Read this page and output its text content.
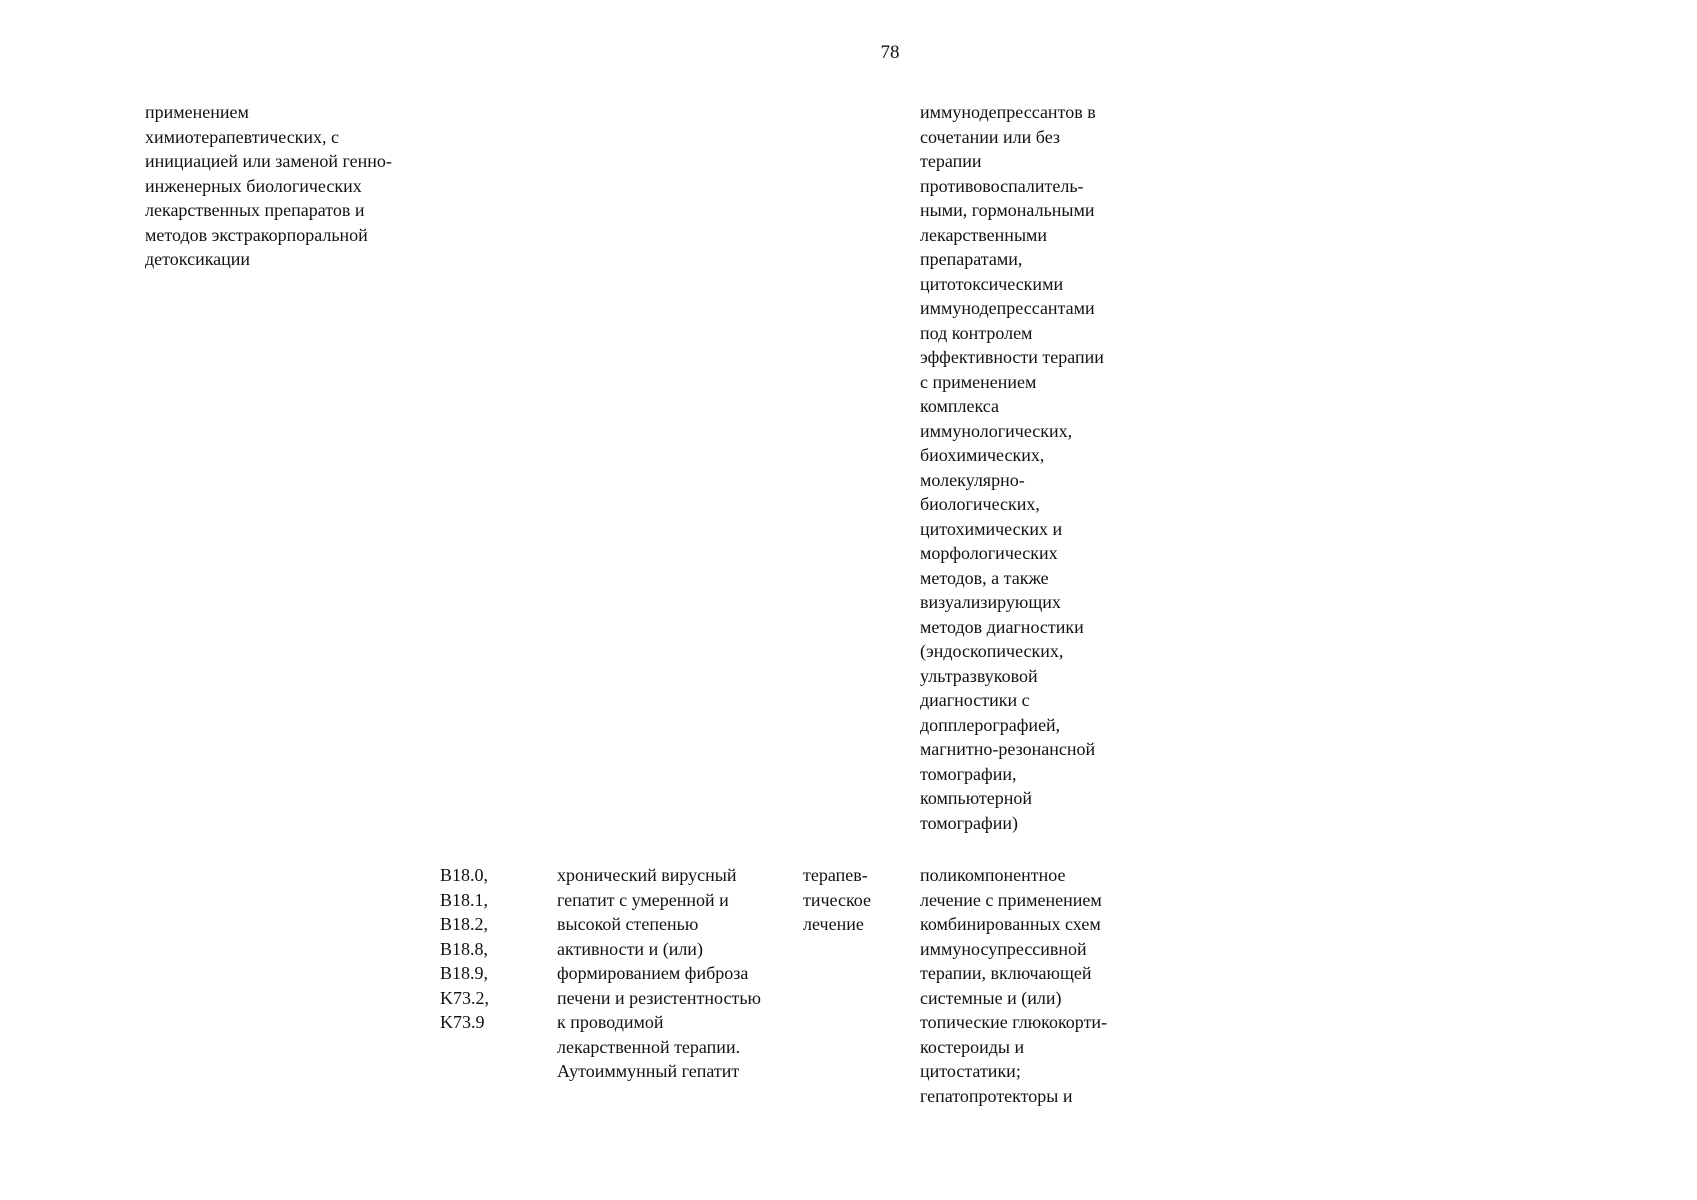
78
применением
химиотерапевтических, с
инициацией или заменой генно-
инженерных биологических
лекарственных препаратов и
методов экстракорпоральной
детоксикации
иммунодепрессантов в
сочетании или без
терапии
противовоспалитель-
ными, гормональными
лекарственными
препаратами,
цитотоксическими
иммунодепрессантами
под контролем
эффективности терапии
с применением
комплекса
иммунологических,
биохимических,
молекулярно-
биологических,
цитохимических и
морфологических
методов, а также
визуализирующих
методов диагностики
(эндоскопических,
ультразвуковой
диагностики с
допплерографией,
магнитно-резонансной
томографии,
компьютерной
томографии)
B18.0,
B18.1,
B18.2,
B18.8,
B18.9,
K73.2,
K73.9
хронический вирусный
гепатит с умеренной и
высокой степенью
активности и (или)
формированием фиброза
печени и резистентностью
к проводимой
лекарственной терапии.
Аутоиммунный гепатит
терапев-
тическое
лечение
поликомпонентное
лечение с применением
комбинированных схем
иммуносупрессивной
терапии, включающей
системные и (или)
топические глюкокорти-
костероиды и
цитостатики;
гепатопротекторы и
